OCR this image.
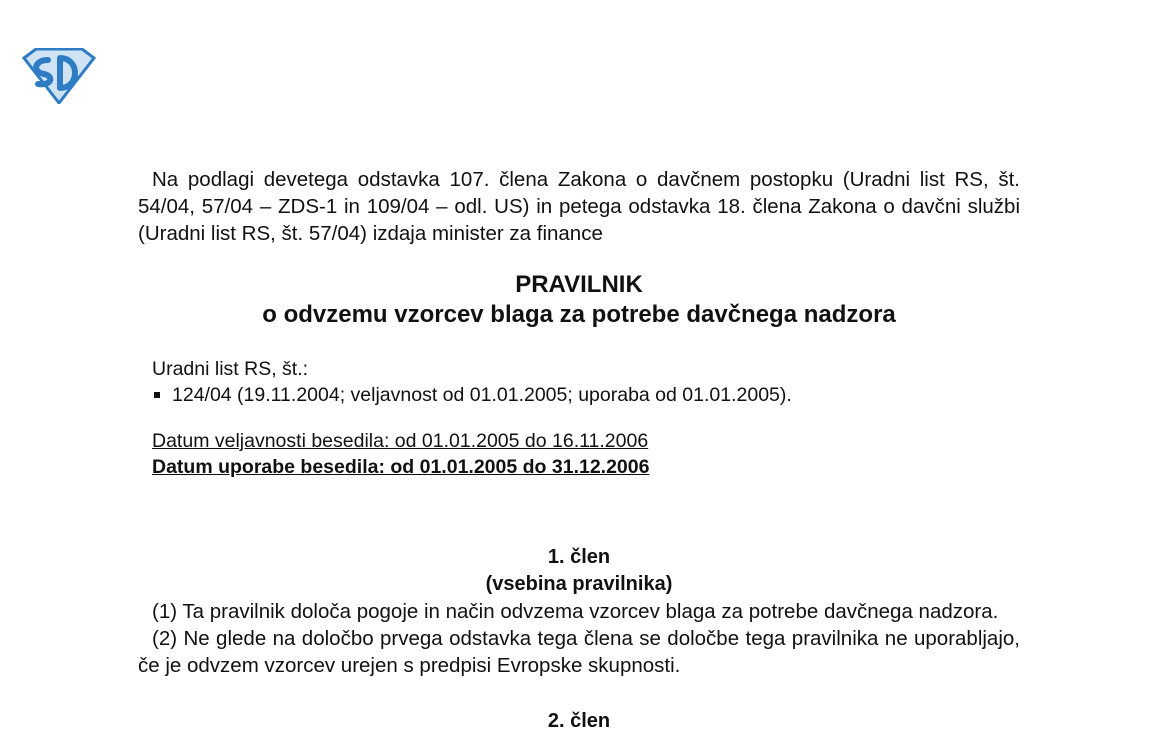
Na podlagi devetega odstavka 107. člena Zakona o davčnem postopku (Uradni list RS, št. 54/04, 57/04 – ZDS-1 in 109/04 – odl. US) in petega odstavka 18. člena Zakona o davčni službi (Uradni list RS, št. 57/04) izdaja minister za finance

PRAVILNIK

o odvzemu vzorcev blaga za potrebe davčnega nadzora

Uradni list RS, št.:

124/04 (19.11.2004; veljavnost od 01.01.2005; uporaba od 01.01.2005).

Datum veljavnosti besedila: od 01.01.2005 do 16.11.2006

Datum uporabe besedila: od 01.01.2005 do 31.12.2006

1. člen

(vsebina pravilnika)

(1) Ta pravilnik določa pogoje in način odvzema vzorcev blaga za potrebe davčnega nadzora.

(2) Ne glede na določbo prvega odstavka tega člena se določbe tega pravilnika ne uporabljajo, če je odvzem vzorcev urejen s predpisi Evropske skupnosti.

2. člen
